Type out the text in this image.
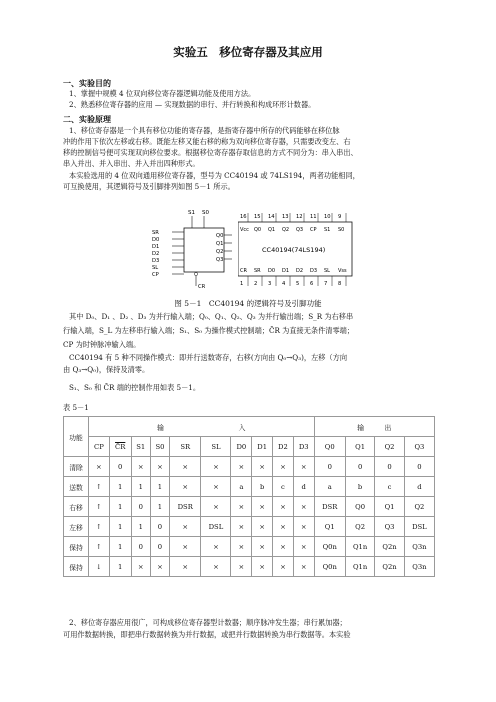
实验五　移位寄存器及其应用
一、实验目的
1、掌握中规模 4 位双向移位寄存器逻辑功能及使用方法。
2、熟悉移位寄存器的应用 — 实现数据的串行、并行转换和构成环形计数器。
二、实验原理
1、移位寄存器是一个具有移位功能的寄存器，是指寄存器中所存的代码能够在移位脉
冲的作用下依次左移或右移。既能左移又能右移的称为双向移位寄存器，只需要改变左、右
移的控制信号便可实现双向移位要求。根据移位寄存器存取信息的方式不同分为：串入串出、
串入并出、并入串出、并入并出四种形式。
本实验选用的 4 位双向通用移位寄存器，型号为 CC40194 或 74LS194，两者功能相同，
可互换使用，其逻辑符号及引脚排列如图 5－1 所示。
S1 S0
SR
D0
D1
D2
D3
SL
CP
Q0
Q1
Q2
Q3
CR
16 15 14 13 12 11 10 9
Vcc Q0 Q1 Q2 Q3 CP S1 S0
CC40194(74LS194)
CR SR D0 D1 D2 D3 SL Vss
1 2 3 4 5 6 7 8
图 5－1　CC40194 的逻辑符号及引脚功能
其中 D₀、D₁ 、D₂ 、D₃ 为并行输入端；Q₀、Q₁、Q₂、Q₃ 为并行输出端；S_R 为右移串
行输入端，S_L 为左移串行输入端；S₁、S₀ 为操作模式控制端；C̄R 为直接无条件清零端；
CP 为时钟脉冲输入端。
CC40194 有 5 种不同操作模式：即并行送数寄存，右移(方向由 Q₀→Q₃)，左移（方向
由 Q₃→Q₀)，保持及清零。
S₁、S₀ 和 C̄R 端的控制作用如表 5－1。
表 5－1
功能	输　　　　　　　　　　　入										输　　　出			
	CP	C̄R	S1	S0	SR	SL	D0	D1	D2	D3	Q0	Q1	Q2	Q3
清除	×	0	×	×	×	×	×	×	×	×	0	0	0	0
送数	↑	1	1	1	×	×	a	b	c	d	a	b	c	d
右移	↑	1	0	1	DSR	×	×	×	×	×	DSR	Q0	Q1	Q2
左移	↑	1	1	0	×	DSL	×	×	×	×	Q1	Q2	Q3	DSL
保持	↑	1	0	0	×	×	×	×	×	×	Q0n	Q1n	Q2n	Q3n
保持	↓	1	×	×	×	×	×	×	×	×	Q0n	Q1n	Q2n	Q3n
2、移位寄存器应用很广，可构成移位寄存器型计数器；顺序脉冲发生器；串行累加器；
可用作数据转换，即把串行数据转换为并行数据，或把并行数据转换为串行数据等。本实验
